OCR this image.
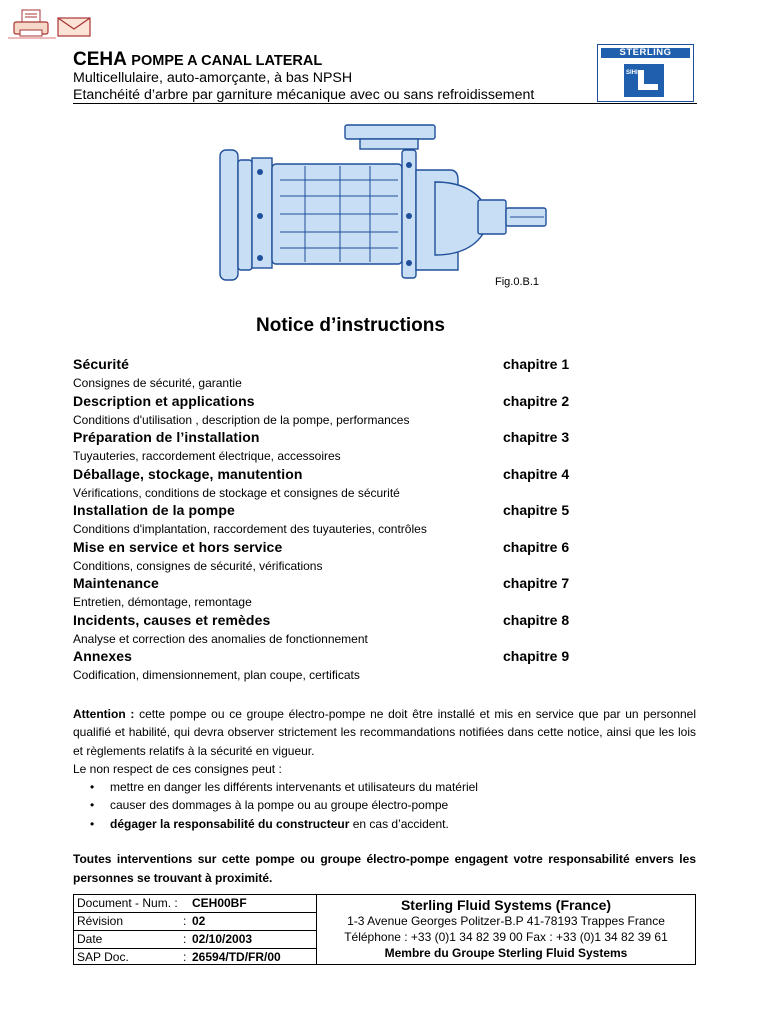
CEHA POMPE A CANAL LATERAL
Multicellulaire, auto-amorçante, à bas NPSH
Etanchéité d’arbre par garniture mécanique avec ou sans refroidissement
STERLING
SIHI
Fig.0.B.1
Notice d’instructions
Sécurité	chapitre 1
Consignes de sécurité, garantie
Description et applications	chapitre 2
Conditions d'utilisation , description de la pompe, performances
Préparation de l’installation	chapitre 3
Tuyauteries, raccordement électrique, accessoires
Déballage, stockage, manutention	chapitre 4
Vérifications, conditions de stockage et consignes de sécurité
Installation de la pompe	chapitre 5
Conditions d'implantation, raccordement des tuyauteries, contrôles
Mise en service et hors service	chapitre 6
Conditions, consignes de sécurité, vérifications
Maintenance	chapitre 7
Entretien, démontage, remontage
Incidents, causes et remèdes	chapitre 8
Analyse et correction des anomalies de fonctionnement
Annexes	chapitre 9
Codification, dimensionnement, plan coupe, certificats

Attention : cette pompe ou ce groupe électro-pompe ne doit être installé et mis en service que par un personnel qualifié et habilité, qui devra observer strictement les recommandations notifiées dans cette notice, ainsi que les lois et règlements relatifs à la sécurité en vigueur.

Le non respect de ces consignes peut :

• mettre en danger les différents intervenants et utilisateurs du matériel
• causer des dommages à la pompe ou au groupe électro-pompe
• dégager la responsabilité du constructeur en cas d’accident.
Toutes interventions sur cette pompe ou groupe électro-pompe engagent votre responsabilité envers les personnes se trouvant à proximité.
Document - Num. : CEH00BF
Révision	: 02
Date	: 02/10/2003
SAP Doc.	: 26594/TD/FR/00
Sterling Fluid Systems (France)
1-3 Avenue Georges Politzer-B.P 41-78193 Trappes France
Téléphone : +33 (0)1 34 82 39 00 Fax : +33 (0)1 34 82 39 61
Membre du Groupe Sterling Fluid Systems
